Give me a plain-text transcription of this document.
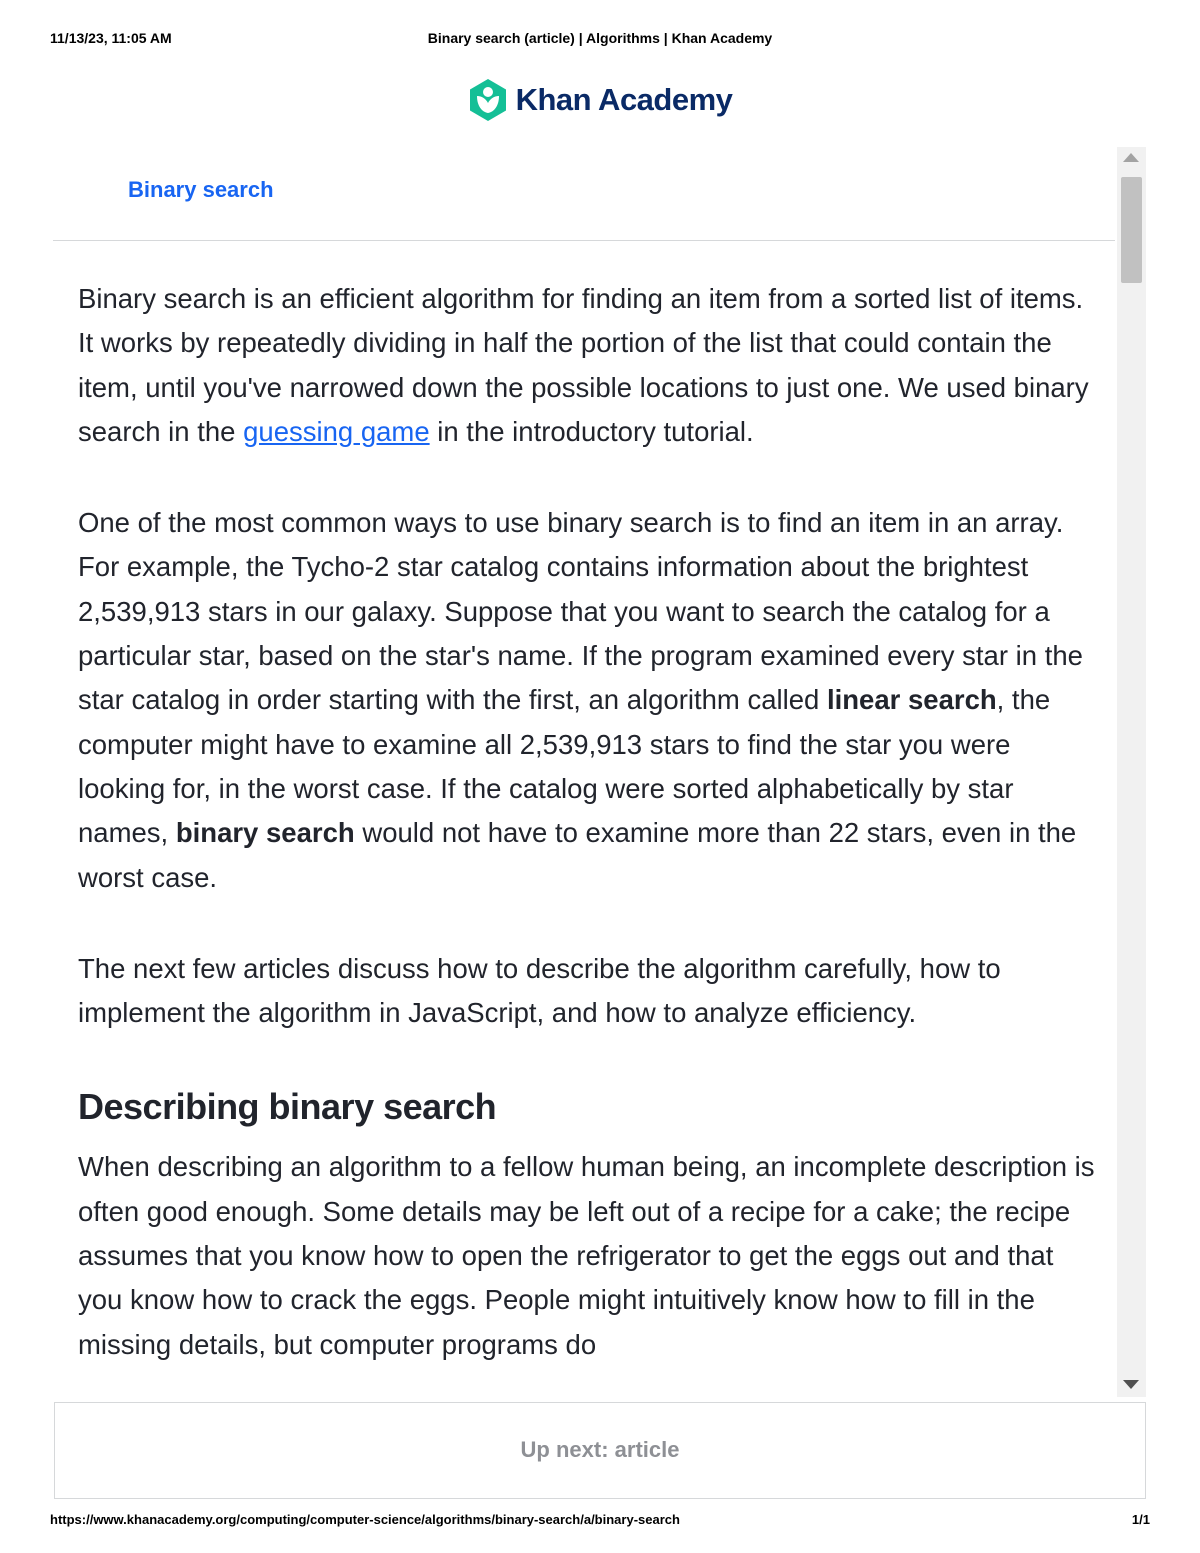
11/13/23, 11:05 AM	Binary search (article) | Algorithms | Khan Academy
Khan Academy
Binary search

Binary search is an efficient algorithm for finding an item from a sorted list of items. It works by repeatedly dividing in half the portion of the list that could contain the item, until you've narrowed down the possible locations to just one. We used binary search in the guessing game in the introductory tutorial.

One of the most common ways to use binary search is to find an item in an array. For example, the Tycho-2 star catalog contains information about the brightest 2,539,913 stars in our galaxy. Suppose that you want to search the catalog for a particular star, based on the star's name. If the program examined every star in the star catalog in order starting with the first, an algorithm called linear search, the computer might have to examine all 2,539,913 stars to find the star you were looking for, in the worst case. If the catalog were sorted alphabetically by star names, binary search would not have to examine more than 22 stars, even in the worst case.

The next few articles discuss how to describe the algorithm carefully, how to implement the algorithm in JavaScript, and how to analyze efficiency.

Describing binary search

When describing an algorithm to a fellow human being, an incomplete description is often good enough. Some details may be left out of a recipe for a cake; the recipe assumes that you know how to open the refrigerator to get the eggs out and that you know how to crack the eggs. People might intuitively know how to fill in the missing details, but computer programs do

Up next: article
https://www.khanacademy.org/computing/computer-science/algorithms/binary-search/a/binary-search	1/1
